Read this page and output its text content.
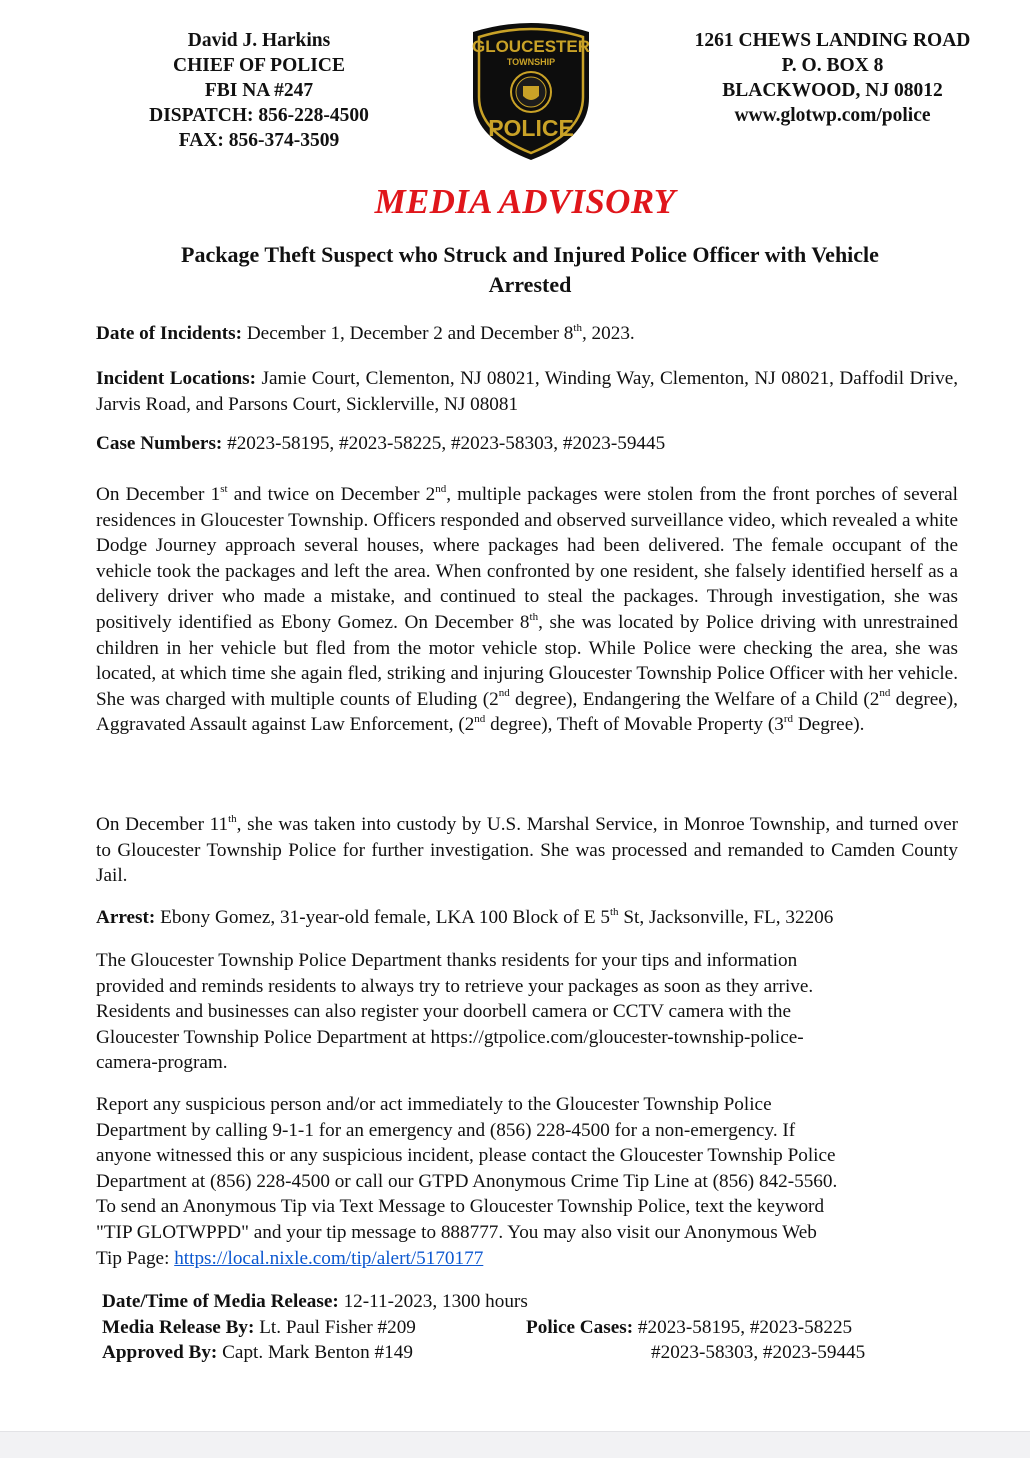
David J. Harkins
CHIEF OF POLICE
FBI NA #247
DISPATCH: 856-228-4500
FAX: 856-374-3509
GLOUCESTER
TOWNSHIP
POLICE
1261 CHEWS LANDING ROAD
P. O. BOX 8
BLACKWOOD, NJ 08012
www.glotwp.com/police
MEDIA ADVISORY
Package Theft Suspect who Struck and Injured Police Officer with Vehicle
Arrested
Date of Incidents: December 1, December 2 and December 8th, 2023.
Incident Locations: Jamie Court, Clementon, NJ 08021, Winding Way, Clementon, NJ 08021, Daffodil Drive, Jarvis Road, and Parsons Court, Sicklerville, NJ 08081
Case Numbers: #2023-58195, #2023-58225, #2023-58303, #2023-59445
On December 1st and twice on December 2nd, multiple packages were stolen from the front porches of several residences in Gloucester Township. Officers responded and observed surveillance video, which revealed a white Dodge Journey approach several houses, where packages had been delivered. The female occupant of the vehicle took the packages and left the area. When confronted by one resident, she falsely identified herself as a delivery driver who made a mistake, and continued to steal the packages. Through investigation, she was positively identified as Ebony Gomez. On December 8th, she was located by Police driving with unrestrained children in her vehicle but fled from the motor vehicle stop. While Police were checking the area, she was located, at which time she again fled, striking and injuring Gloucester Township Police Officer with her vehicle. She was charged with multiple counts of Eluding (2nd degree), Endangering the Welfare of a Child (2nd degree), Aggravated Assault against Law Enforcement, (2nd degree), Theft of Movable Property (3rd Degree).
On December 11th, she was taken into custody by U.S. Marshal Service, in Monroe Township, and turned over to Gloucester Township Police for further investigation. She was processed and remanded to Camden County Jail.
Arrest: Ebony Gomez, 31-year-old female, LKA 100 Block of E 5th St, Jacksonville, FL, 32206
The Gloucester Township Police Department thanks residents for your tips and information
provided and reminds residents to always try to retrieve your packages as soon as they arrive.
Residents and businesses can also register your doorbell camera or CCTV camera with the
Gloucester Township Police Department at https://gtpolice.com/gloucester-township-police-
camera-program.
Report any suspicious person and/or act immediately to the Gloucester Township Police
Department by calling 9-1-1 for an emergency and (856) 228-4500 for a non-emergency. If
anyone witnessed this or any suspicious incident, please contact the Gloucester Township Police
Department at (856) 228-4500 or call our GTPD Anonymous Crime Tip Line at (856) 842-5560.
To send an Anonymous Tip via Text Message to Gloucester Township Police, text the keyword
"TIP GLOTWPPD" and your tip message to 888777. You may also visit our Anonymous Web
Tip Page: https://local.nixle.com/tip/alert/5170177
Date/Time of Media Release: 12-11-2023, 1300 hours
Media Release By: Lt. Paul Fisher #209	Police Cases: #2023-58195, #2023-58225
Approved By: Capt. Mark Benton #149	#2023-58303, #2023-59445
